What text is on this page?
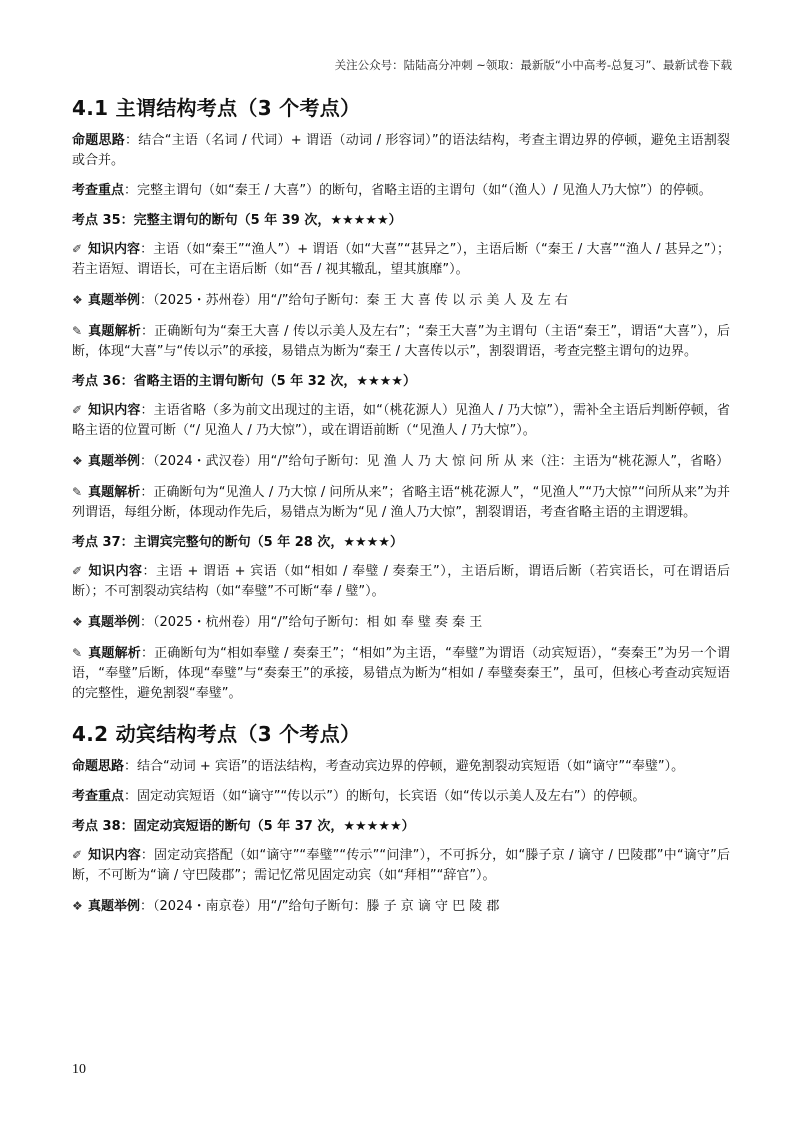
关注公众号：陆陆高分冲刺 ~领取：最新版“小中高考-总复习”、最新试卷下载
4.1 主谓结构考点（3 个考点）

命题思路：结合“主语（名词 / 代词）+ 谓语（动词 / 形容词）”的语法结构，考查主谓边界的停顿，避免主语割裂或合并。

考查重点：完整主谓句（如“秦王 / 大喜”）的断句，省略主语的主谓句（如“（渔人）/ 见渔人乃大惊”）的停顿。

考点 35：完整主谓句的断句（5 年 39 次，★★★★★）

✐ 知识内容：主语（如“秦王”“渔人”）+ 谓语（如“大喜”“甚异之”），主语后断（“秦王 / 大喜”“渔人 / 甚异之”）；若主语短、谓语长，可在主语后断（如“吾 / 视其辙乱，望其旗靡”）。

❖ 真题举例：（2025・苏州卷）用“/”给句子断句：秦 王 大 喜 传 以 示 美 人 及 左 右

✎ 真题解析：正确断句为“秦王大喜 / 传以示美人及左右”；“秦王大喜”为主谓句（主语“秦王”，谓语“大喜”），后断，体现“大喜”与“传以示”的承接，易错点为断为“秦王 / 大喜传以示”，割裂谓语，考查完整主谓句的边界。

考点 36：省略主语的主谓句断句（5 年 32 次，★★★★）

✐ 知识内容：主语省略（多为前文出现过的主语，如“（桃花源人）见渔人 / 乃大惊”），需补全主语后判断停顿，省略主语的位置可断（“/ 见渔人 / 乃大惊”），或在谓语前断（“见渔人 / 乃大惊”）。

❖ 真题举例：（2024・武汉卷）用“/”给句子断句：见 渔 人 乃 大 惊 问 所 从 来（注：主语为“桃花源人”，省略）

✎ 真题解析：正确断句为“见渔人 / 乃大惊 / 问所从来”；省略主语“桃花源人”，“见渔人”“乃大惊”“问所从来”为并列谓语，每组分断，体现动作先后，易错点为断为“见 / 渔人乃大惊”，割裂谓语，考查省略主语的主谓逻辑。

考点 37：主谓宾完整句的断句（5 年 28 次，★★★★）

✐ 知识内容：主语 + 谓语 + 宾语（如“相如 / 奉璧 / 奏秦王”），主语后断，谓语后断（若宾语长，可在谓语后断）；不可割裂动宾结构（如“奉璧”不可断“奉 / 璧”）。

❖ 真题举例：（2025・杭州卷）用“/”给句子断句：相 如 奉 璧 奏 秦 王

✎ 真题解析：正确断句为“相如奉璧 / 奏秦王”；“相如”为主语，“奉璧”为谓语（动宾短语），“奏秦王”为另一个谓语，“奉璧”后断，体现“奉璧”与“奏秦王”的承接，易错点为断为“相如 / 奉璧奏秦王”，虽可，但核心考查动宾短语的完整性，避免割裂“奉璧”。

4.2 动宾结构考点（3 个考点）

命题思路：结合“动词 + 宾语”的语法结构，考查动宾边界的停顿，避免割裂动宾短语（如“谪守”“奉璧”）。

考查重点：固定动宾短语（如“谪守”“传以示”）的断句，长宾语（如“传以示美人及左右”）的停顿。

考点 38：固定动宾短语的断句（5 年 37 次，★★★★★）

✐ 知识内容：固定动宾搭配（如“谪守”“奉璧”“传示”“问津”），不可拆分，如“滕子京 / 谪守 / 巴陵郡”中“谪守”后断，不可断为“谪 / 守巴陵郡”；需记忆常见固定动宾（如“拜相”“辞官”）。

❖ 真题举例：（2024・南京卷）用“/”给句子断句：滕 子 京 谪 守 巴 陵 郡

10
